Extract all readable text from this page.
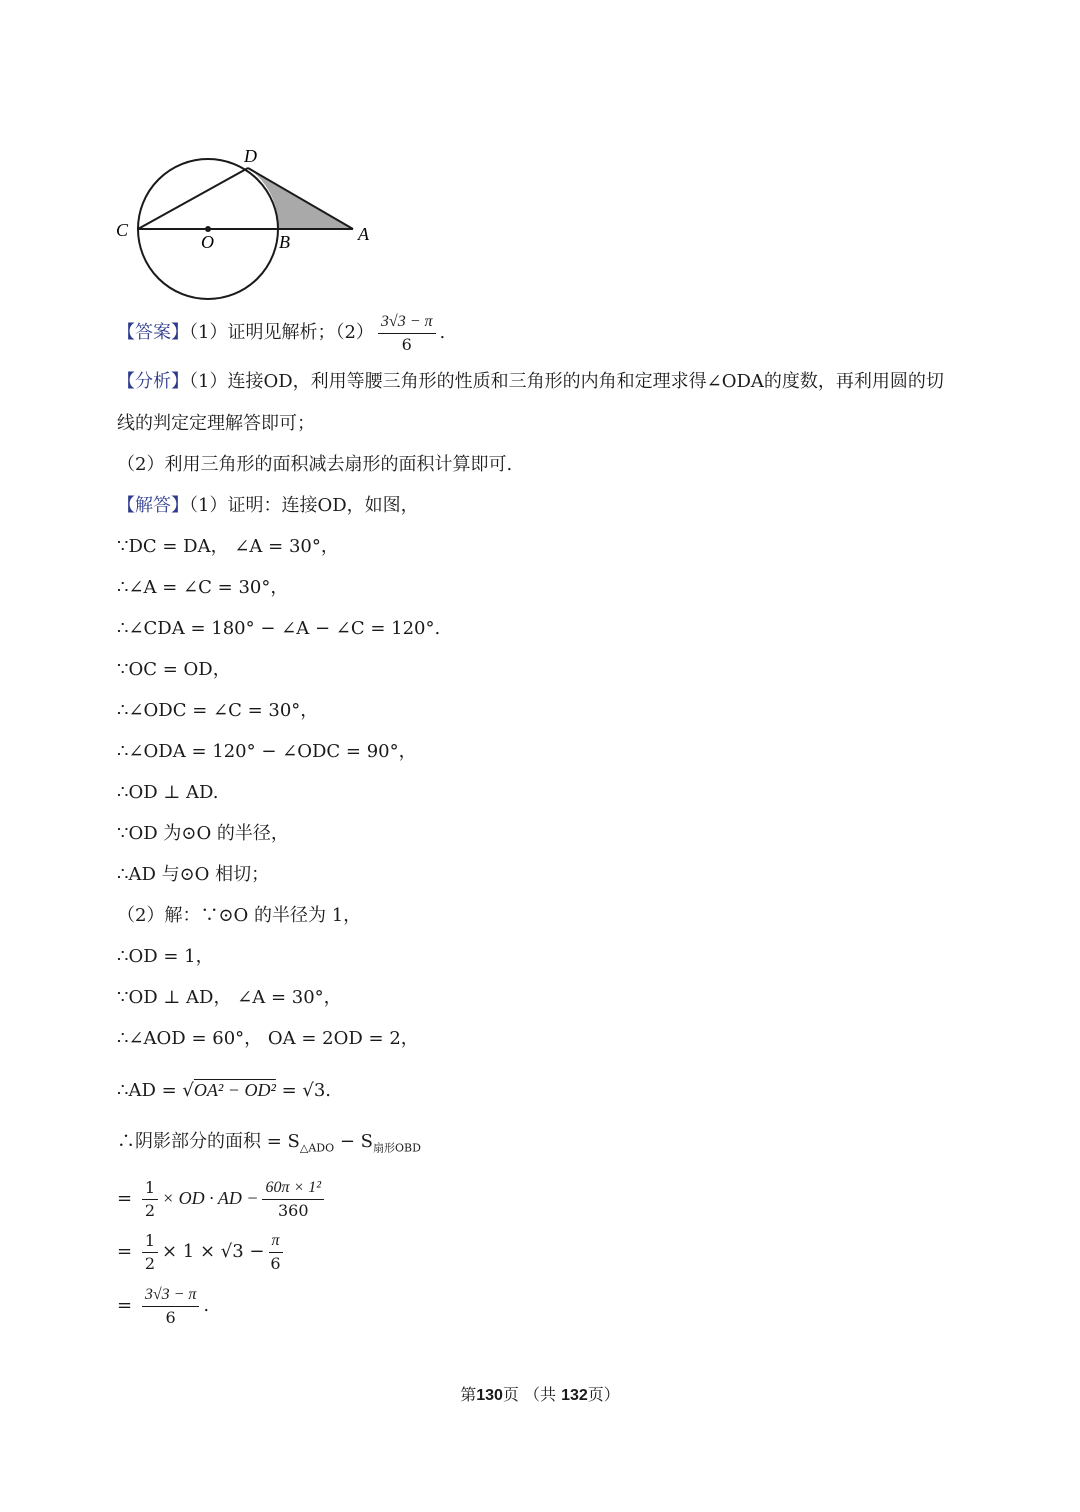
C
D
O	B	A
【答案】（1）证明见解析；$(2) \frac{3√3 - \pi}{6}$ .
【分析】（1）连接OD，利用等腰三角形的性质和三角形的内角和定理求得∠ODA的度数，再利用圆的切
线的判定定理解答即可；
（2）利用三角形的面积减去扇形的面积计算即可.
【解答】（1）证明：连接OD，如图，
∵DC = DA， ∠A = 30°，
∴∠A = ∠C = 30°，
∴∠CDA = 180° − ∠A − ∠C = 120°.
∵OC = OD，
∴∠ODC = ∠C = 30°，
∴∠ODA = 120° − ∠ODC = 90°，
∴OD ⊥ AD.
∵OD 为⊙O 的半径，
∴AD 与⊙O 相切；
（2）解：∵⊙O 的半径为 1，
∴OD = 1，
∵OD ⊥ AD， ∠A = 30°，
∴∠AOD = 60°， OA = 2OD = 2，
∴AD = √OA² − OD² = √3.
∴阴影部分的面积 = $S_{\triangle ADO} - S_{扇形OBD}$
= $\frac{1}{2}$ × OD · AD − $\frac{\text{60π × 1²}}{360}$
= $\frac{1}{2} \times 1 \times √3 - \frac{\pi}{6}$
= $\frac{3√3 - \pi}{6}$ .
第130页 （共 132页）
